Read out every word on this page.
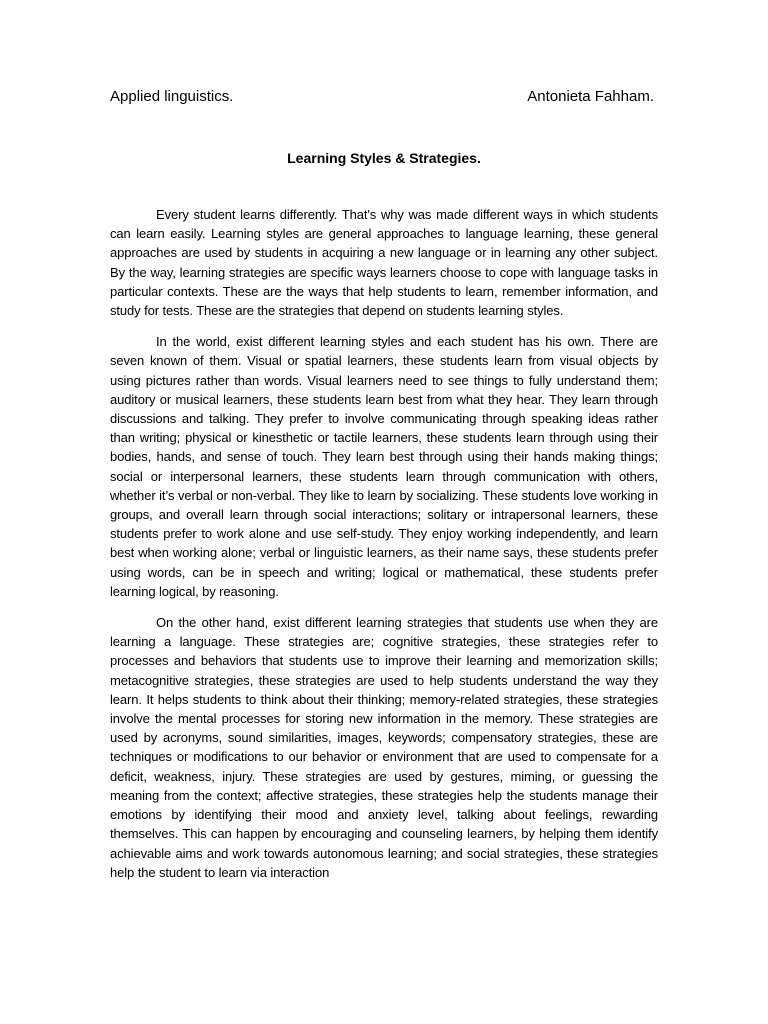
Applied linguistics.	Antonieta Fahham.
Learning Styles & Strategies.

Every student learns differently. That's why was made different ways in which students can learn easily. Learning styles are general approaches to language learning, these general approaches are used by students in acquiring a new language or in learning any other subject. By the way, learning strategies are specific ways learners choose to cope with language tasks in particular contexts. These are the ways that help students to learn, remember information, and study for tests. These are the strategies that depend on students learning styles.

In the world, exist different learning styles and each student has his own. There are seven known of them. Visual or spatial learners, these students learn from visual objects by using pictures rather than words. Visual learners need to see things to fully understand them; auditory or musical learners, these students learn best from what they hear. They learn through discussions and talking. They prefer to involve communicating through speaking ideas rather than writing; physical or kinesthetic or tactile learners, these students learn through using their bodies, hands, and sense of touch. They learn best through using their hands making things; social or interpersonal learners, these students learn through communication with others, whether it’s verbal or non-verbal. They like to learn by socializing. These students love working in groups, and overall learn through social interactions; solitary or intrapersonal learners, these students prefer to work alone and use self-study. They enjoy working independently, and learn best when working alone; verbal or linguistic learners, as their name says, these students prefer using words, can be in speech and writing; logical or mathematical, these students prefer learning logical, by reasoning.

On the other hand, exist different learning strategies that students use when they are learning a language. These strategies are; cognitive strategies, these strategies refer to processes and behaviors that students use to improve their learning and memorization skills; metacognitive strategies, these strategies are used to help students understand the way they learn. It helps students to think about their thinking; memory-related strategies, these strategies involve the mental processes for storing new information in the memory. These strategies are used by acronyms, sound similarities, images, keywords; compensatory strategies, these are techniques or modifications to our behavior or environment that are used to compensate for a deficit, weakness, injury. These strategies are used by gestures, miming, or guessing the meaning from the context; affective strategies, these strategies help the students manage their emotions by identifying their mood and anxiety level, talking about feelings, rewarding themselves. This can happen by encouraging and counseling learners, by helping them identify achievable aims and work towards autonomous learning; and social strategies, these strategies help the student to learn via interaction
